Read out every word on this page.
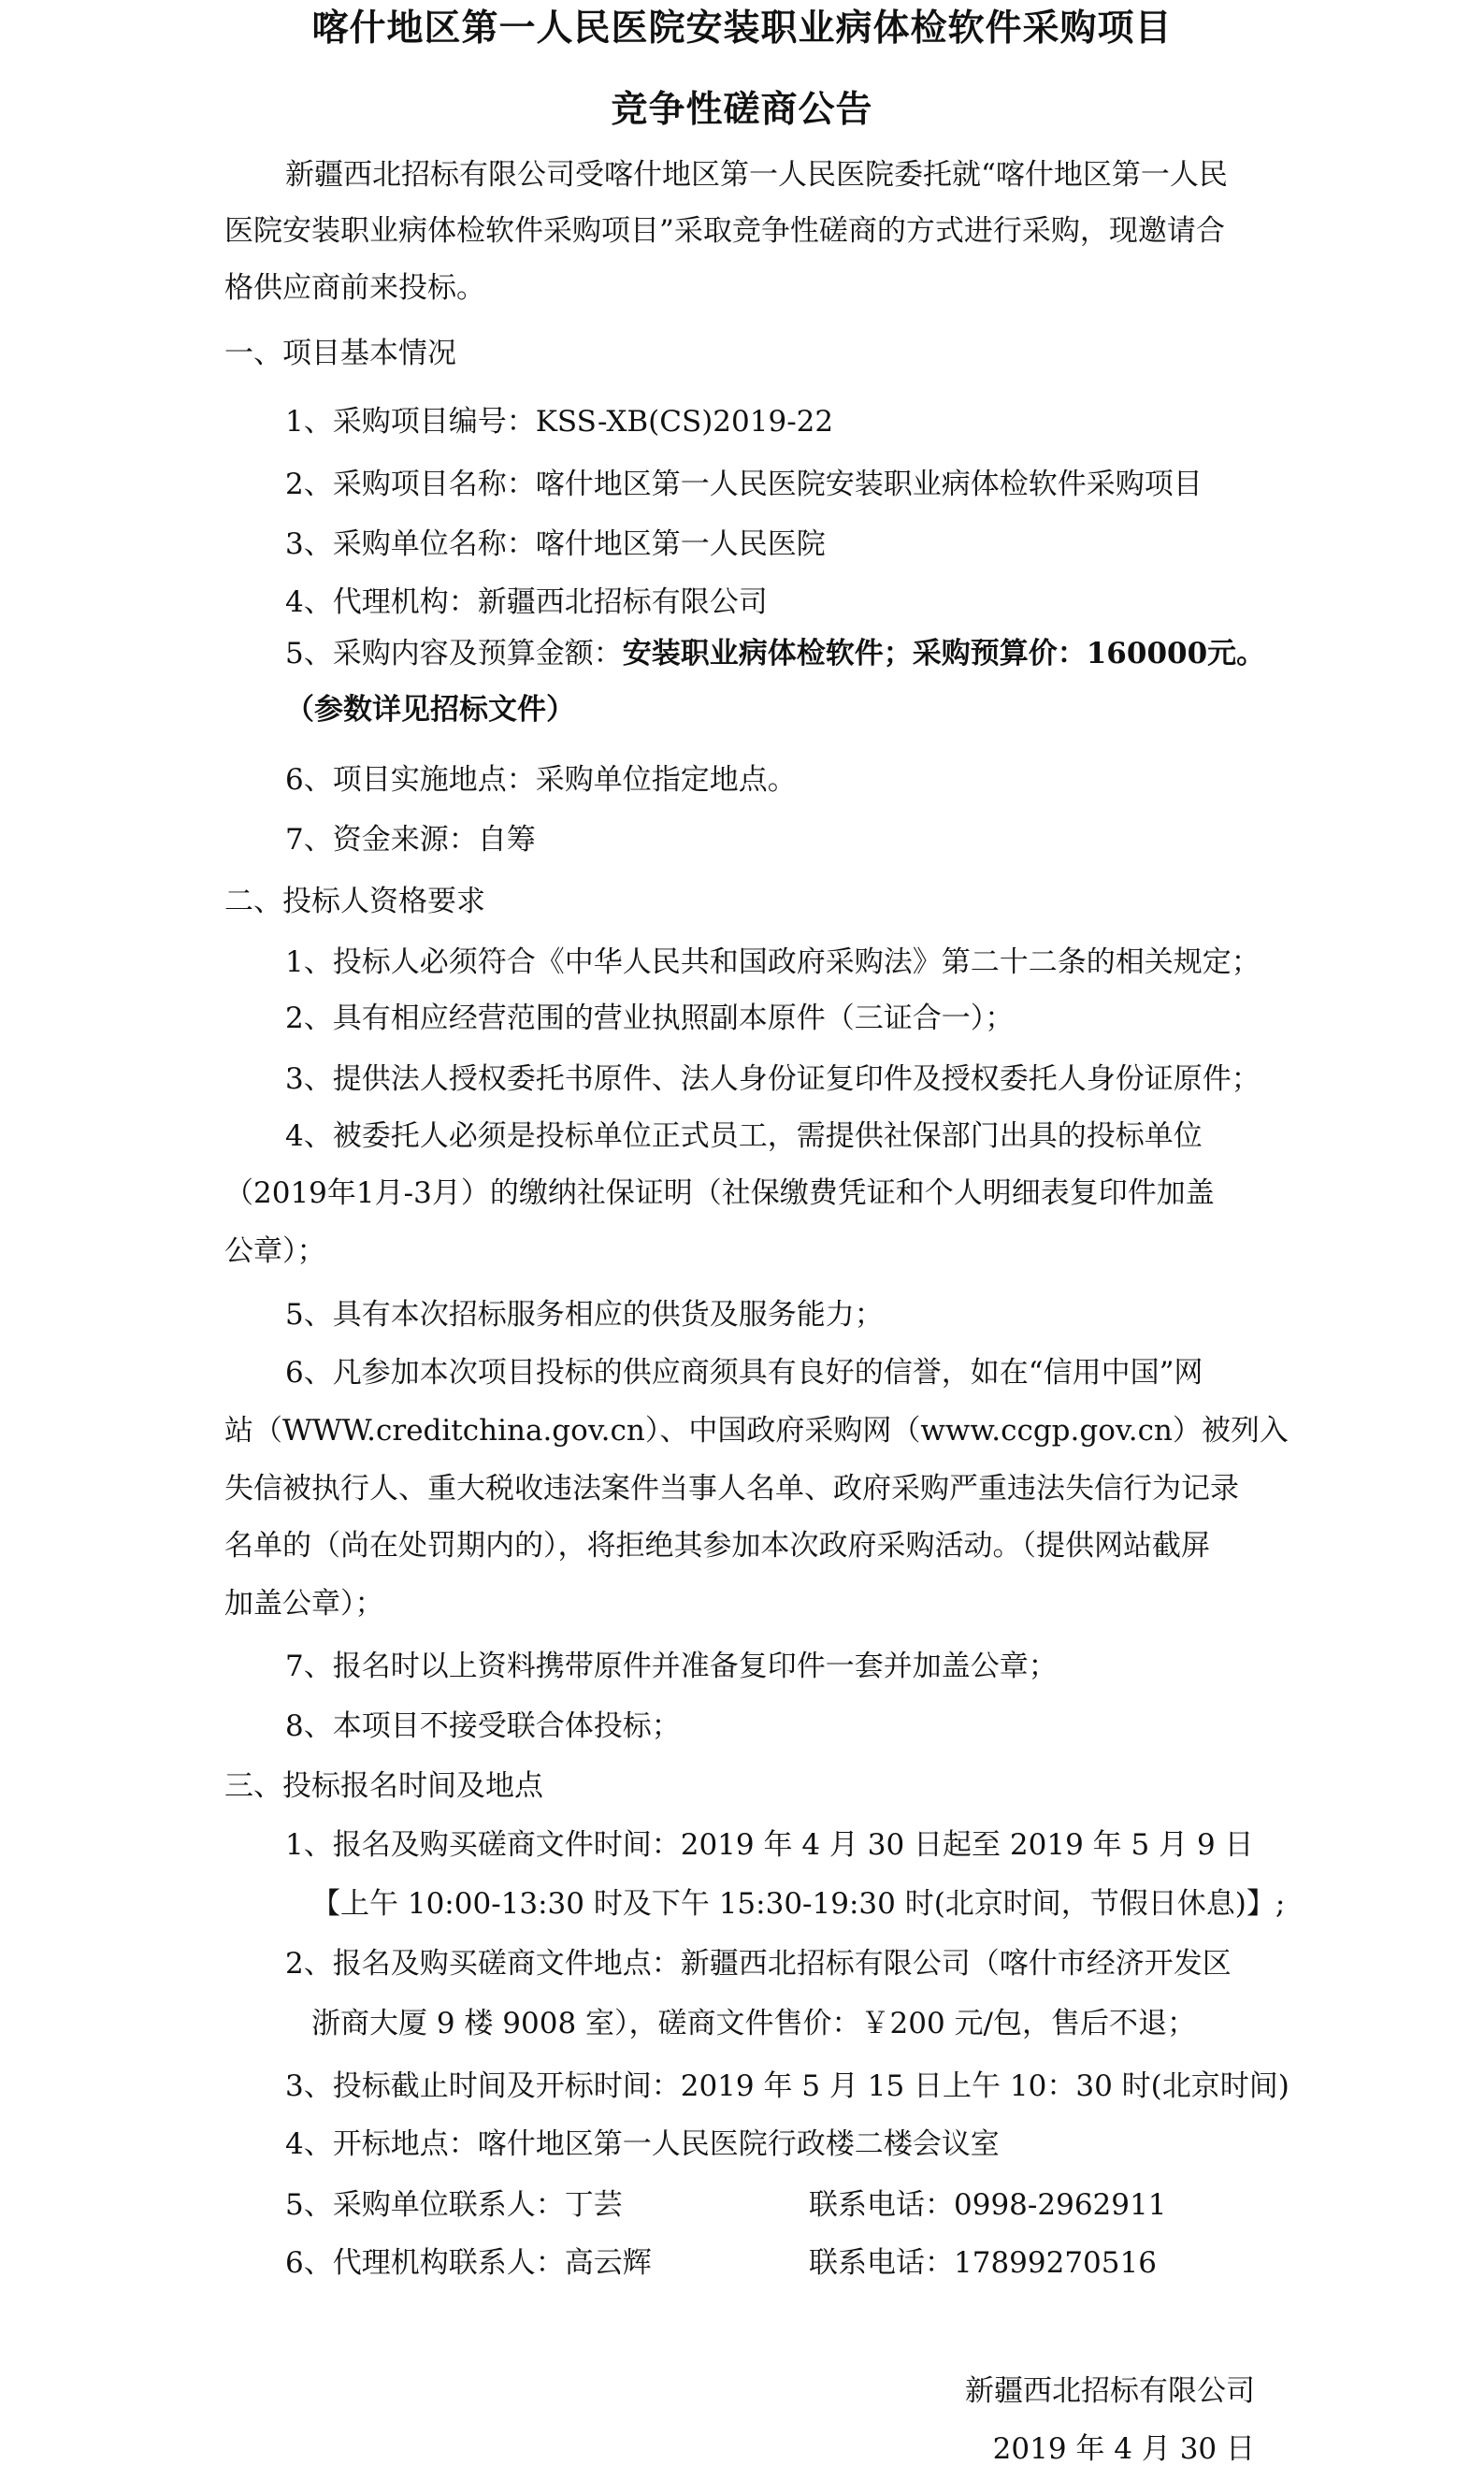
喀什地区第一人民医院安装职业病体检软件采购项目
竞争性磋商公告
新疆西北招标有限公司受喀什地区第一人民医院委托就“喀什地区第一人民
医院安装职业病体检软件采购项目”采取竞争性磋商的方式进行采购，现邀请合
格供应商前来投标。
一、项目基本情况
1、采购项目编号：KSS-XB(CS)2019-22
2、采购项目名称：喀什地区第一人民医院安装职业病体检软件采购项目
3、采购单位名称：喀什地区第一人民医院
4、代理机构：新疆西北招标有限公司
5、采购内容及预算金额：安装职业病体检软件；采购预算价：160000元。
（参数详见招标文件）
6、项目实施地点：采购单位指定地点。
7、资金来源：自筹
二、投标人资格要求
1、投标人必须符合《中华人民共和国政府采购法》第二十二条的相关规定；
2、具有相应经营范围的营业执照副本原件（三证合一）；
3、提供法人授权委托书原件、法人身份证复印件及授权委托人身份证原件；
4、被委托人必须是投标单位正式员工，需提供社保部门出具的投标单位
（2019年1月-3月）的缴纳社保证明（社保缴费凭证和个人明细表复印件加盖
公章）；
5、具有本次招标服务相应的供货及服务能力；
6、凡参加本次项目投标的供应商须具有良好的信誉，如在“信用中国”网
站（WWW.creditchina.gov.cn）、中国政府采购网（www.ccgp.gov.cn）被列入
失信被执行人、重大税收违法案件当事人名单、政府采购严重违法失信行为记录
名单的（尚在处罚期内的），将拒绝其参加本次政府采购活动。（提供网站截屏
加盖公章）；
7、报名时以上资料携带原件并准备复印件一套并加盖公章；
8、本项目不接受联合体投标；
三、投标报名时间及地点
1、报名及购买磋商文件时间：2019 年 4 月 30 日起至 2019 年 5 月 9 日
【上午 10:00-13:30 时及下午 15:30-19:30 时(北京时间，节假日休息)】;
2、报名及购买磋商文件地点：新疆西北招标有限公司（喀什市经济开发区
浙商大厦 9 楼 9008 室），磋商文件售价：￥200 元/包，售后不退；
3、投标截止时间及开标时间：2019 年 5 月 15 日上午 10：30 时(北京时间)
4、开标地点：喀什地区第一人民医院行政楼二楼会议室
5、采购单位联系人：丁芸	联系电话：0998-2962911
6、代理机构联系人：高云辉	联系电话：17899270516
新疆西北招标有限公司
2019 年 4 月 30 日
